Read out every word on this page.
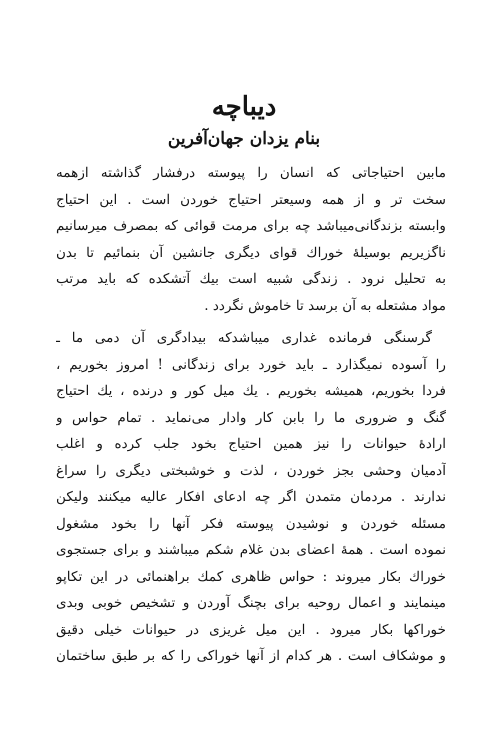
دیباچه
بنام یزدان جهان‌آفرین
مابین احتیاجاتی که انسان را پیوسته درفشار گذاشته ازهمه
سخت تر و از همه وسیعتر احتیاج خوردن است . این احتیاج
وابسته بزندگانی‌میباشد چه برای مرمت قوائی که بمصرف میرسانیم
ناگزیریم بوسیلهٔ خوراك قوای دیگری جانشین آن بنمائیم تا بدن
به تحلیل نرود . زندگی شبیه است بیك آتشکده که باید مرتب
مواد مشتعله به آن برسد تا خاموش نگردد .
گرسنگی فرمانده غداری میباشدکه بیدادگری آن دمی ما ـ
را آسوده نمیگذارد ـ باید خورد برای زندگانی ! امروز بخوریم ،
فردا بخوریم، همیشه بخوریم . یك میل کور و درنده ، یك احتیاج
گنگ و ضروری ما را بابن کار وادار می‌نماید . تمام حواس و
ارادهٔ حیوانات را نیز همین احتیاج بخود جلب کرده و اغلب
آدمیان وحشی بجز خوردن ، لذت و خوشبختی دیگری را سراغ
ندارند . مردمان متمدن اگر چه ادعای افکار عالیه میکنند ولیکن
مسئله خوردن و نوشیدن پیوسته فکر آنها را بخود مشغول
نموده است . همهٔ اعضای بدن غلام شکم میباشند و برای جستجوی
خوراك بکار میروند : حواس ظاهری کمك براهنمائی در این تکاپو
مینمایند و اعمال روحیه برای بچنگ آوردن و تشخیص خوبی وبدی
خوراکها بکار میرود . این میل غریزی در حیوانات خیلی دقیق
و موشکاف است . هر کدام از آنها خوراکی را که بر طبق ساختمان
